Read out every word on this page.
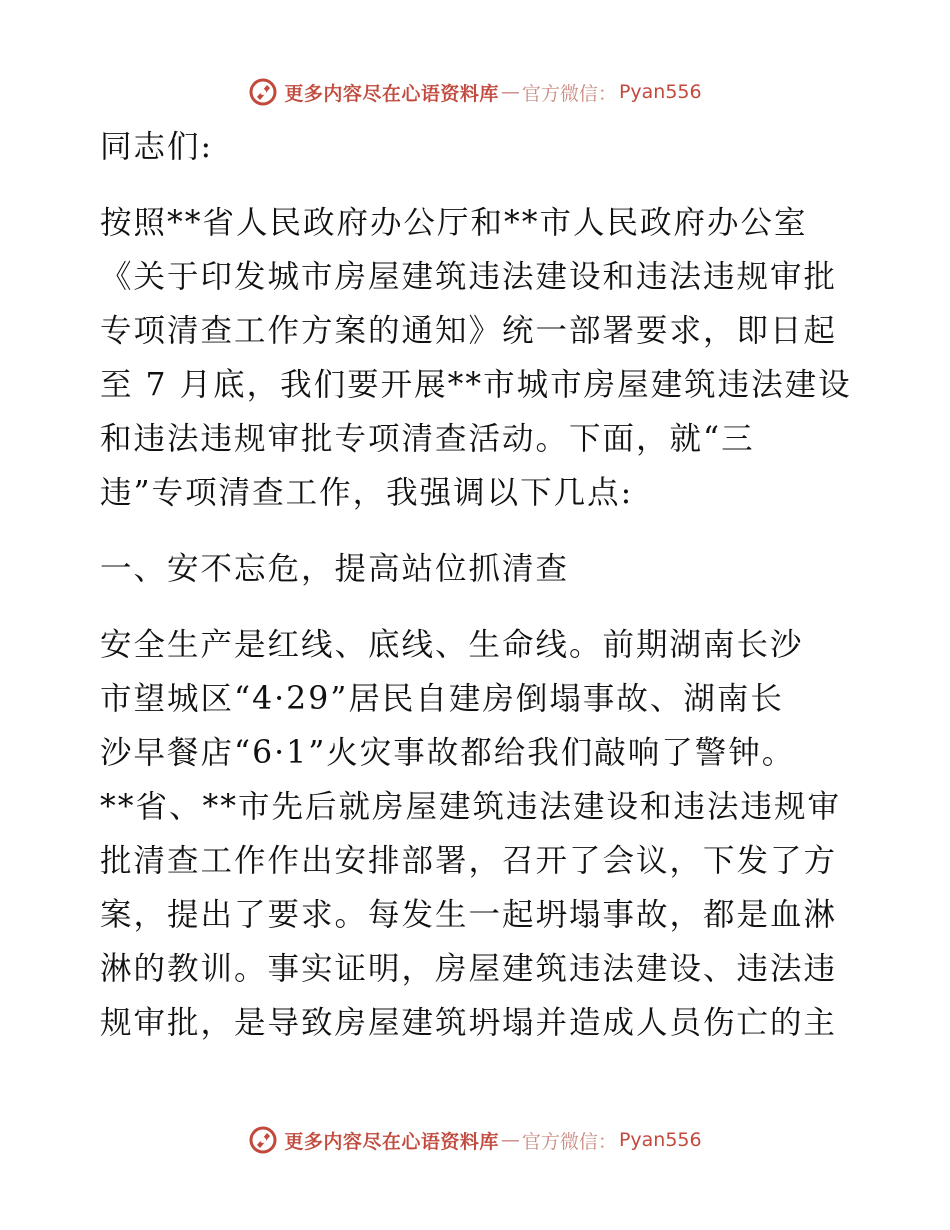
更多内容尽在心语资料库 — 官方微信： Pyan556

同志们:

按照**省人民政府办公厅和**市人民政府办公室

《关于印发城市房屋建筑违法建设和违法违规审批

专项清查工作方案的通知》统一部署要求，即日起

至 7 月底，我们要开展**市城市房屋建筑违法建设

和违法违规审批专项清查活动。下面，就“三

违”专项清查工作，我强调以下几点:

一、安不忘危，提高站位抓清查

安全生产是红线、底线、生命线。前期湖南长沙

市望城区“4·29”居民自建房倒塌事故、湖南长

沙早餐店“6·1”火灾事故都给我们敲响了警钟。

**省、**市先后就房屋建筑违法建设和违法违规审

批清查工作作出安排部署，召开了会议，下发了方

案，提出了要求。每发生一起坍塌事故，都是血淋

淋的教训。事实证明，房屋建筑违法建设、违法违

规审批，是导致房屋建筑坍塌并造成人员伤亡的主

更多内容尽在心语资料库 — 官方微信： Pyan556
